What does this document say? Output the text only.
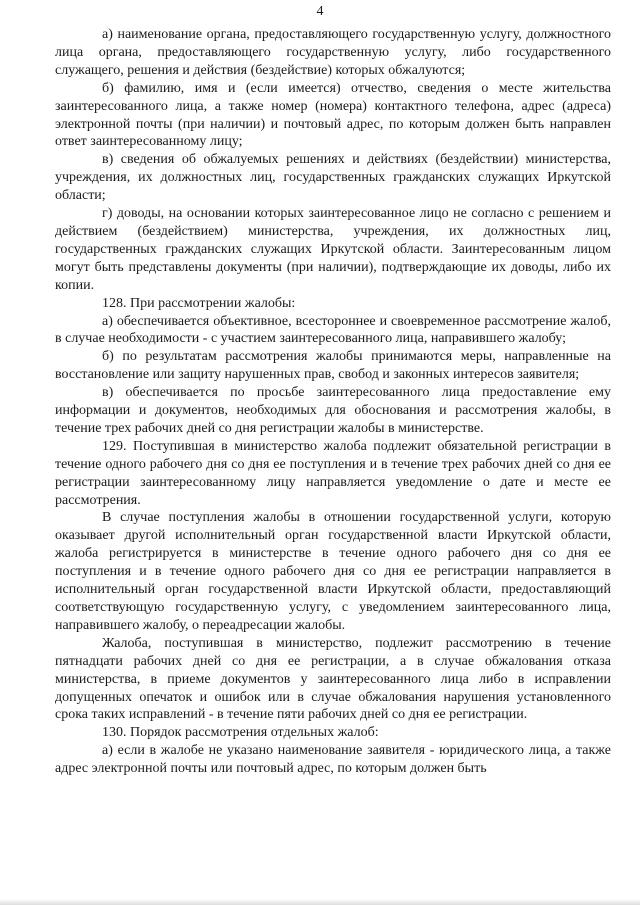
4

а) наименование органа, предоставляющего государственную услугу, должностного лица органа, предоставляющего государственную услугу, либо государственного служащего, решения и действия (бездействие) которых обжалуются;

б) фамилию, имя и (если имеется) отчество, сведения о месте жительства заинтересованного лица, а также номер (номера) контактного телефона, адрес (адреса) электронной почты (при наличии) и почтовый адрес, по которым должен быть направлен ответ заинтересованному лицу;

в) сведения об обжалуемых решениях и действиях (бездействии) министерства, учреждения, их должностных лиц, государственных гражданских служащих Иркутской области;

г) доводы, на основании которых заинтересованное лицо не согласно с решением и действием (бездействием) министерства, учреждения, их должностных лиц, государственных гражданских служащих Иркутской области. Заинтересованным лицом могут быть представлены документы (при наличии), подтверждающие их доводы, либо их копии.

128. При рассмотрении жалобы:

а) обеспечивается объективное, всестороннее и своевременное рассмотрение жалоб, в случае необходимости - с участием заинтересованного лица, направившего жалобу;

б) по результатам рассмотрения жалобы принимаются меры, направленные на восстановление или защиту нарушенных прав, свобод и законных интересов заявителя;

в) обеспечивается по просьбе заинтересованного лица предоставление ему информации и документов, необходимых для обоснования и рассмотрения жалобы, в течение трех рабочих дней со дня регистрации жалобы в министерстве.

129. Поступившая в министерство жалоба подлежит обязательной регистрации в течение одного рабочего дня со дня ее поступления и в течение трех рабочих дней со дня ее регистрации заинтересованному лицу направляется уведомление о дате и месте ее рассмотрения.

В случае поступления жалобы в отношении государственной услуги, которую оказывает другой исполнительный орган государственной власти Иркутской области, жалоба регистрируется в министерстве в течение одного рабочего дня со дня ее поступления и в течение одного рабочего дня со дня ее регистрации направляется в исполнительный орган государственной власти Иркутской области, предоставляющий соответствующую государственную услугу, с уведомлением заинтересованного лица, направившего жалобу, о переадресации жалобы.

Жалоба, поступившая в министерство, подлежит рассмотрению в течение пятнадцати рабочих дней со дня ее регистрации, а в случае обжалования отказа министерства, в приеме документов у заинтересованного лица либо в исправлении допущенных опечаток и ошибок или в случае обжалования нарушения установленного срока таких исправлений - в течение пяти рабочих дней со дня ее регистрации.

130. Порядок рассмотрения отдельных жалоб:

а) если в жалобе не указано наименование заявителя - юридического лица, а также адрес электронной почты или почтовый адрес, по которым должен быть
